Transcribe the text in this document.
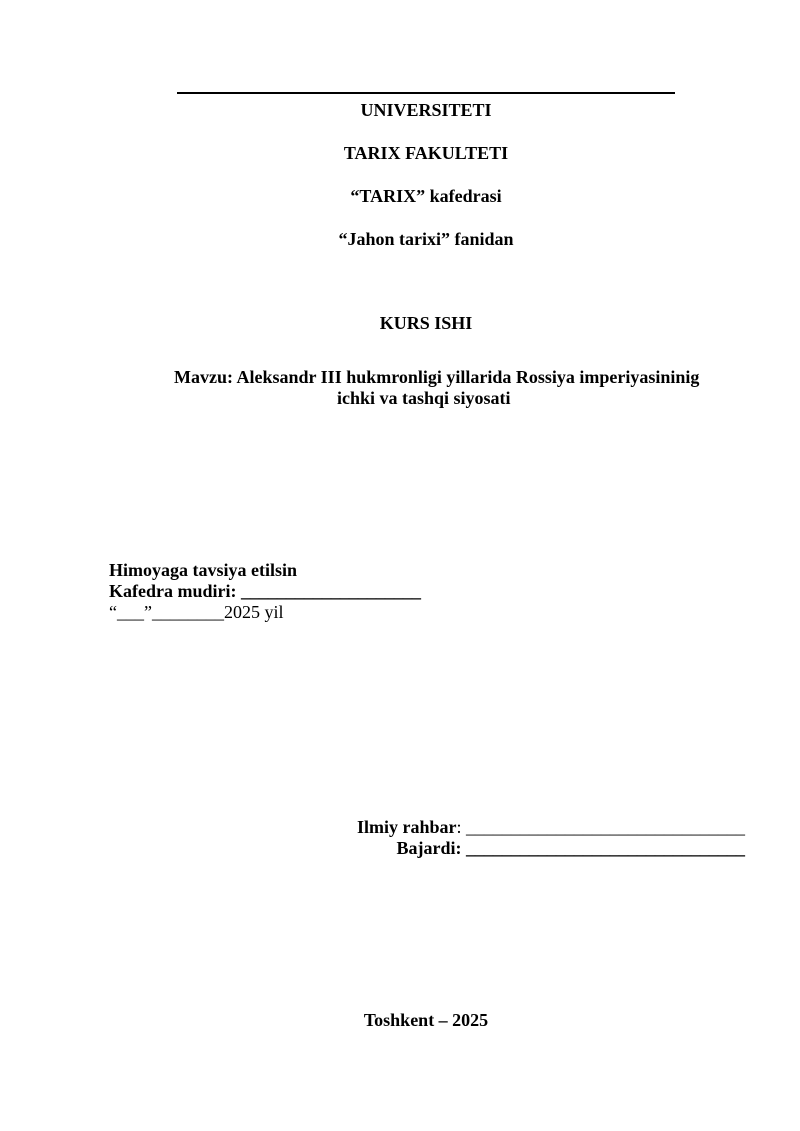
UNIVERSITETI
TARIX FAKULTETI
“TARIX” kafedrasi
“Jahon tarixi” fanidan
KURS ISHI
Mavzu: Aleksandr III hukmronligi yillarida Rossiya imperiyasininig
ichki va tashqi siyosati
Himoyaga tavsiya etilsin
Kafedra mudiri: ____________________
“___”________2025 yil
Ilmiy rahbar: _______________________________
Bajardi: _______________________________
Toshkent – 2025
